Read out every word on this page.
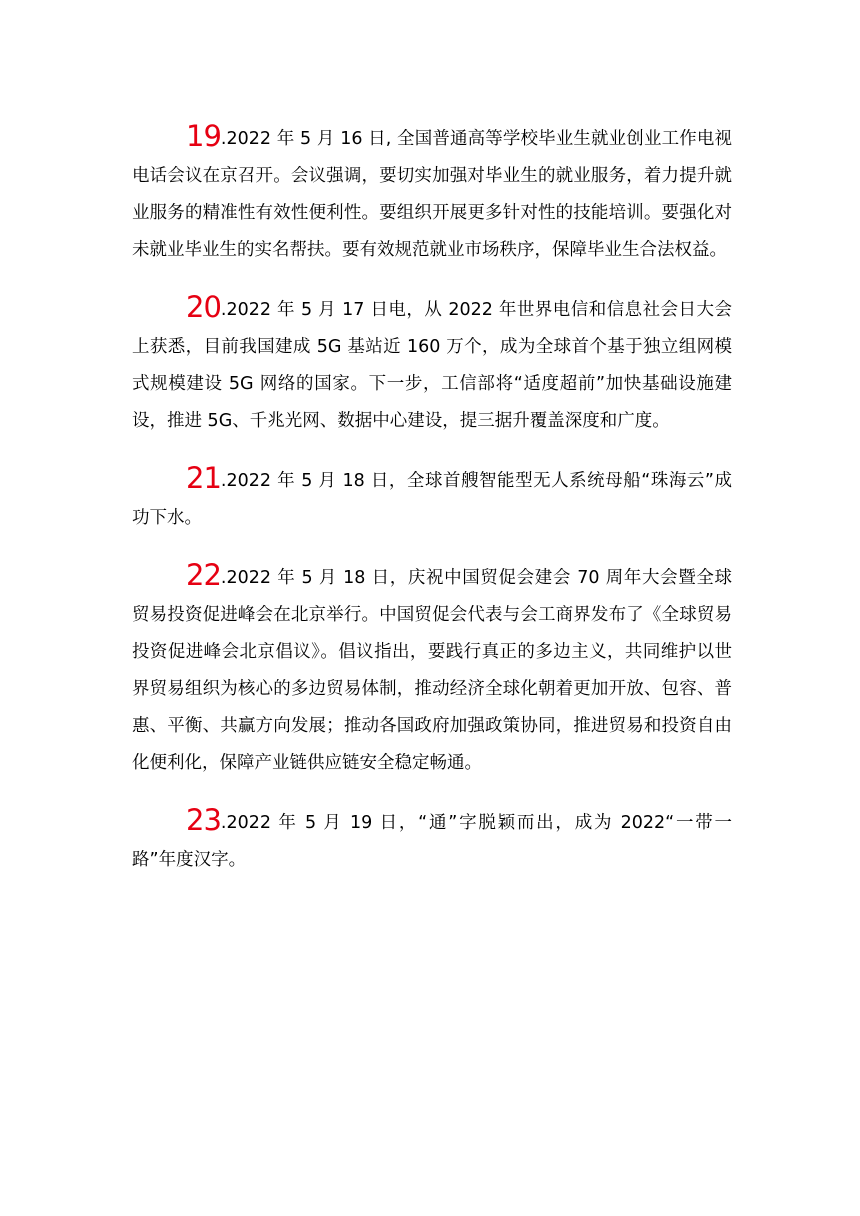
19.2022 年 5 月 16 日, 全国普通高等学校毕业生就业创业工作电视电话会议在京召开。会议强调，要切实加强对毕业生的就业服务，着力提升就业服务的精准性有效性便利性。要组织开展更多针对性的技能培训。要强化对未就业毕业生的实名帮扶。要有效规范就业市场秩序，保障毕业生合法权益。

20.2022 年 5 月 17 日电，从 2022 年世界电信和信息社会日大会上获悉，目前我国建成 5G 基站近 160 万个，成为全球首个基于独立组网模式规模建设 5G 网络的国家。下一步，工信部将“适度超前”加快基础设施建设，推进 5G、千兆光网、数据中心建设，提三据升覆盖深度和广度。

21.2022 年 5 月 18 日，全球首艘智能型无人系统母船“珠海云”成功下水。

22.2022 年 5 月 18 日，庆祝中国贸促会建会 70 周年大会暨全球贸易投资促进峰会在北京举行。中国贸促会代表与会工商界发布了《全球贸易投资促进峰会北京倡议》。倡议指出，要践行真正的多边主义，共同维护以世界贸易组织为核心的多边贸易体制，推动经济全球化朝着更加开放、包容、普惠、平衡、共赢方向发展；推动各国政府加强政策协同，推进贸易和投资自由化便利化，保障产业链供应链安全稳定畅通。

23.2022 年 5 月 19 日，“通”字脱颖而出，成为 2022“一带一路”年度汉字。
